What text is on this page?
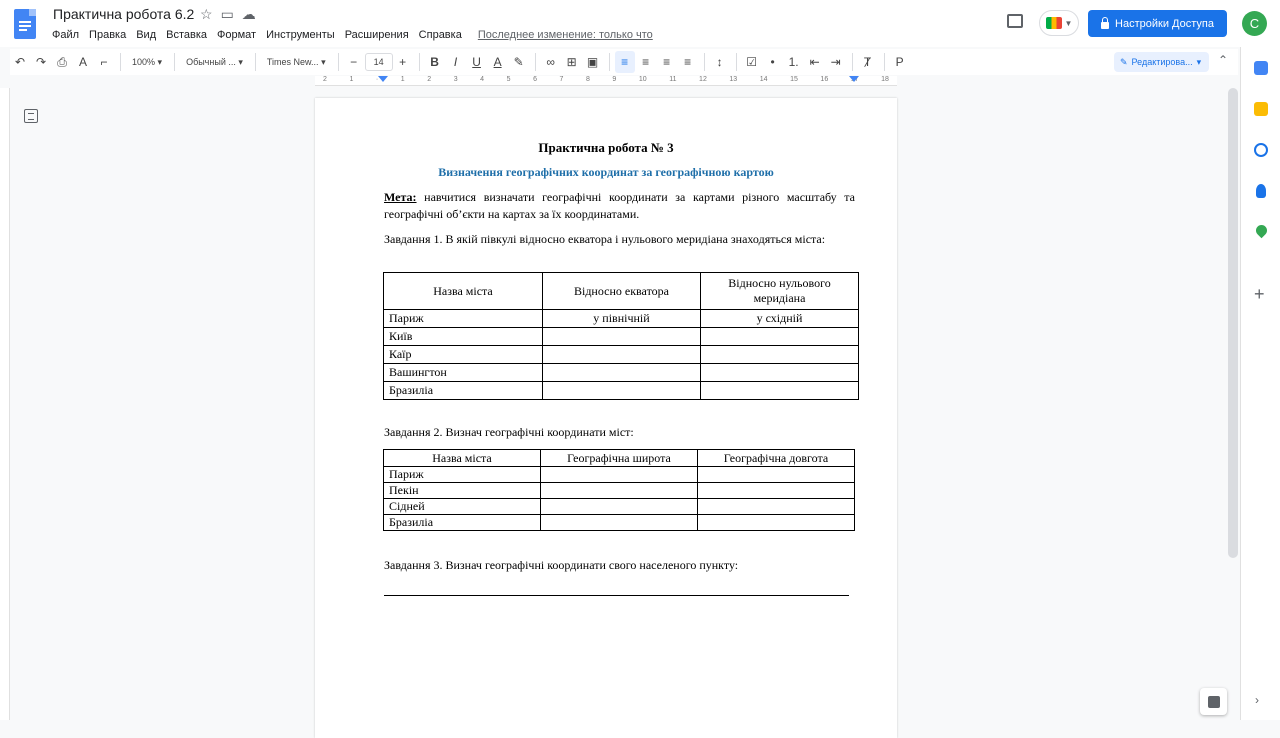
Практична робота 6.2 ☆ ▭ ☁
Файл Правка Вид Вставка Формат Инструменты Расширения Справка Последнее изменение: только что
▼	Настройки Доступа	C
↶ ↷ ⎙	A	⌐	100% ▾	Обычный ... ▾	Times New... ▾	−	14	+	B	I	U	A ✎	∞ ⊞ ▣	≡	≡	≡	≡	↕	☑	•	1. ⇤ ⇥	Ⱦ	P	✎ Редактирова... ▾ ⌃
2	1	·	1	2	3	4	5	6	7	8	9	10	11	12	13	14	15	16	17	18
Практична робота № 3
Визначення географічних координат за географічною картою
Мета: навчитися визначати географічні координати за картами різного масштабу та географічні об’єкти на картах за їх координатами.
Завдання 1. В якій півкулі відносно екватора і нульового меридіана знаходяться міста:
Назва міста	Відносно екватора	Відносно нульового меридіана
Париж	у північній	у східній
Київ		
Каїр		
Вашингтон		
Бразиліа		
Завдання 2. Визнач географічні координати міст:
Назва міста	Географічна широта	Географічна довгота
Париж		
Пекін		
Сідней		
Бразиліа		
Завдання 3. Визнач географічні координати свого населеного пункту:
+
›
